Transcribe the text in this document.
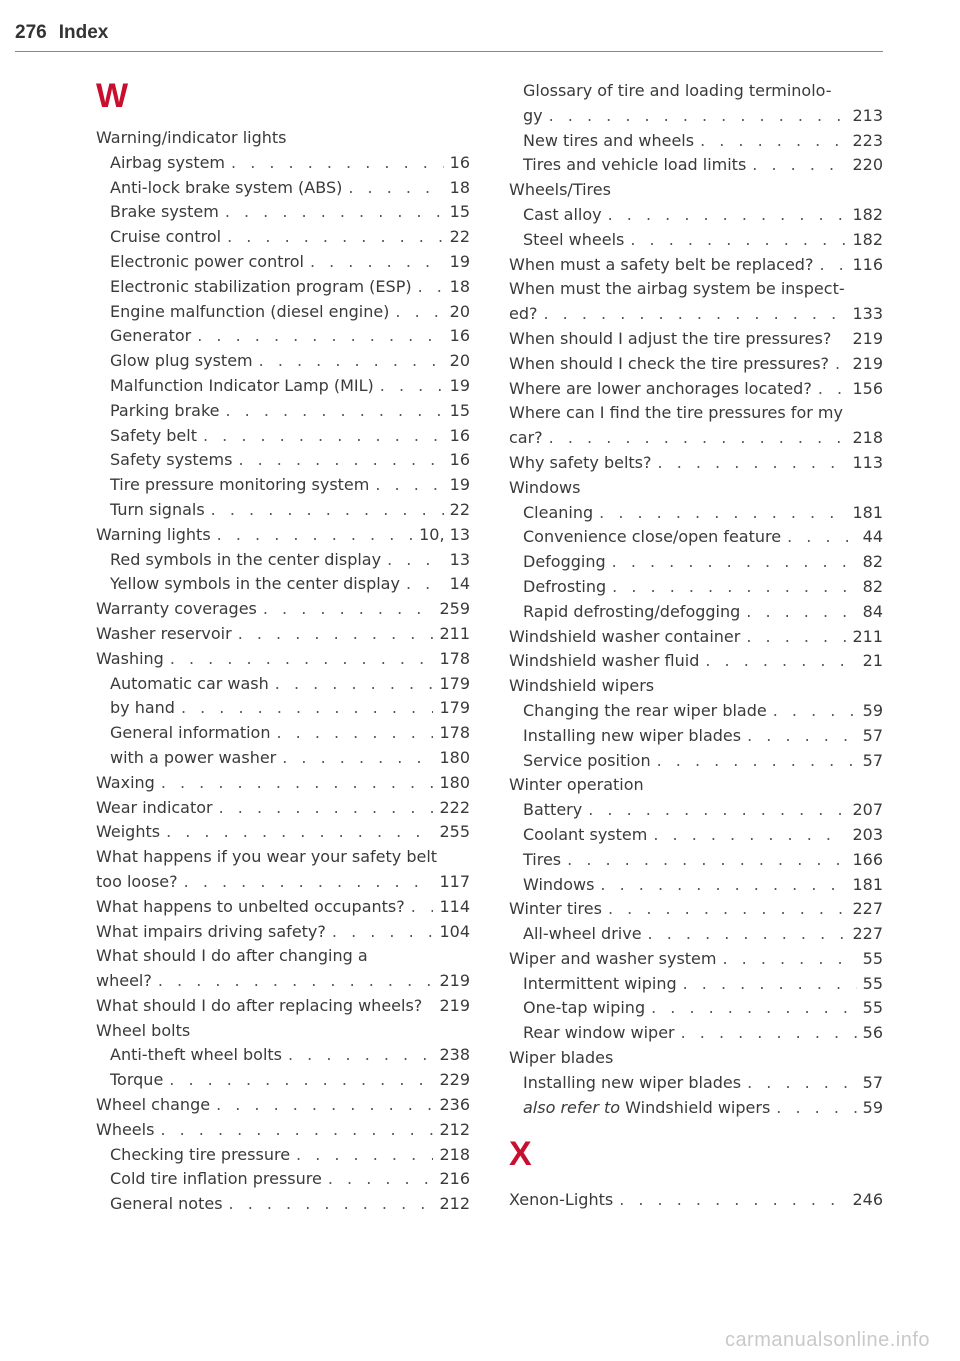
276 Index
W
Warning/indicator lights
Airbag system . . .	16
Anti-lock brake system (ABS) . . .	18
Brake system . . .	15
Cruise control . . .	22
Electronic power control . . .	19
Electronic stabilization program (ESP) . . .	18
Engine malfunction (diesel engine) . . .	20
Generator . . .	16
Glow plug system . . .	20
Malfunction Indicator Lamp (MIL) . . .	19
Parking brake . . .	15
Safety belt . . .	16
Safety systems . . .	16
Tire pressure monitoring system . . .	19
Turn signals . . .	22
Warning lights . . .	10, 13
Red symbols in the center display . . .	13
Yellow symbols in the center display . . .	14
Warranty coverages . . .	259
Washer reservoir . . .	211
Washing . . .	178
Automatic car wash . . .	179
by hand . . .	179
General information . . .	178
with a power washer . . .	180
Waxing . . .	180
Wear indicator . . .	222
Weights . . .	255
What happens if you wear your safety belt
too loose? . . .	117
What happens to unbelted occupants? . . .	114
What impairs driving safety? . . .	104
What should I do after changing a
wheel? . . .	219
What should I do after replacing wheels?	219
Wheel bolts
Anti-theft wheel bolts . . .	238
Torque . . .	229
Wheel change . . .	236
Wheels . . .	212
Checking tire pressure . . .	218
Cold tire inflation pressure . . .	216
General notes . . .	212
Glossary of tire and loading terminolo-
gy . . .	213
New tires and wheels . . .	223
Tires and vehicle load limits . . .	220
Wheels/Tires
Cast alloy . . .	182
Steel wheels . . .	182
When must a safety belt be replaced? . . .	116
When must the airbag system be inspect-
ed? . . .	133
When should I adjust the tire pressures?	219
When should I check the tire pressures? . . .	219
Where are lower anchorages located? . . .	156
Where can I find the tire pressures for my
car? . . .	218
Why safety belts? . . .	113
Windows
Cleaning . . .	181
Convenience close/open feature . . .	44
Defogging . . .	82
Defrosting . . .	82
Rapid defrosting/defogging . . .	84
Windshield washer container . . .	211
Windshield washer fluid . . .	21
Windshield wipers
Changing the rear wiper blade . . .	59
Installing new wiper blades . . .	57
Service position . . .	57
Winter operation
Battery . . .	207
Coolant system . . .	203
Tires . . .	166
Windows . . .	181
Winter tires . . .	227
All-wheel drive . . .	227
Wiper and washer system . . .	55
Intermittent wiping . . .	55
One-tap wiping . . .	55
Rear window wiper . . .	56
Wiper blades
Installing new wiper blades . . .	57
also refer to Windshield wipers . . .	59
X
Xenon-Lights . . .	246
carmanualsonline.info
